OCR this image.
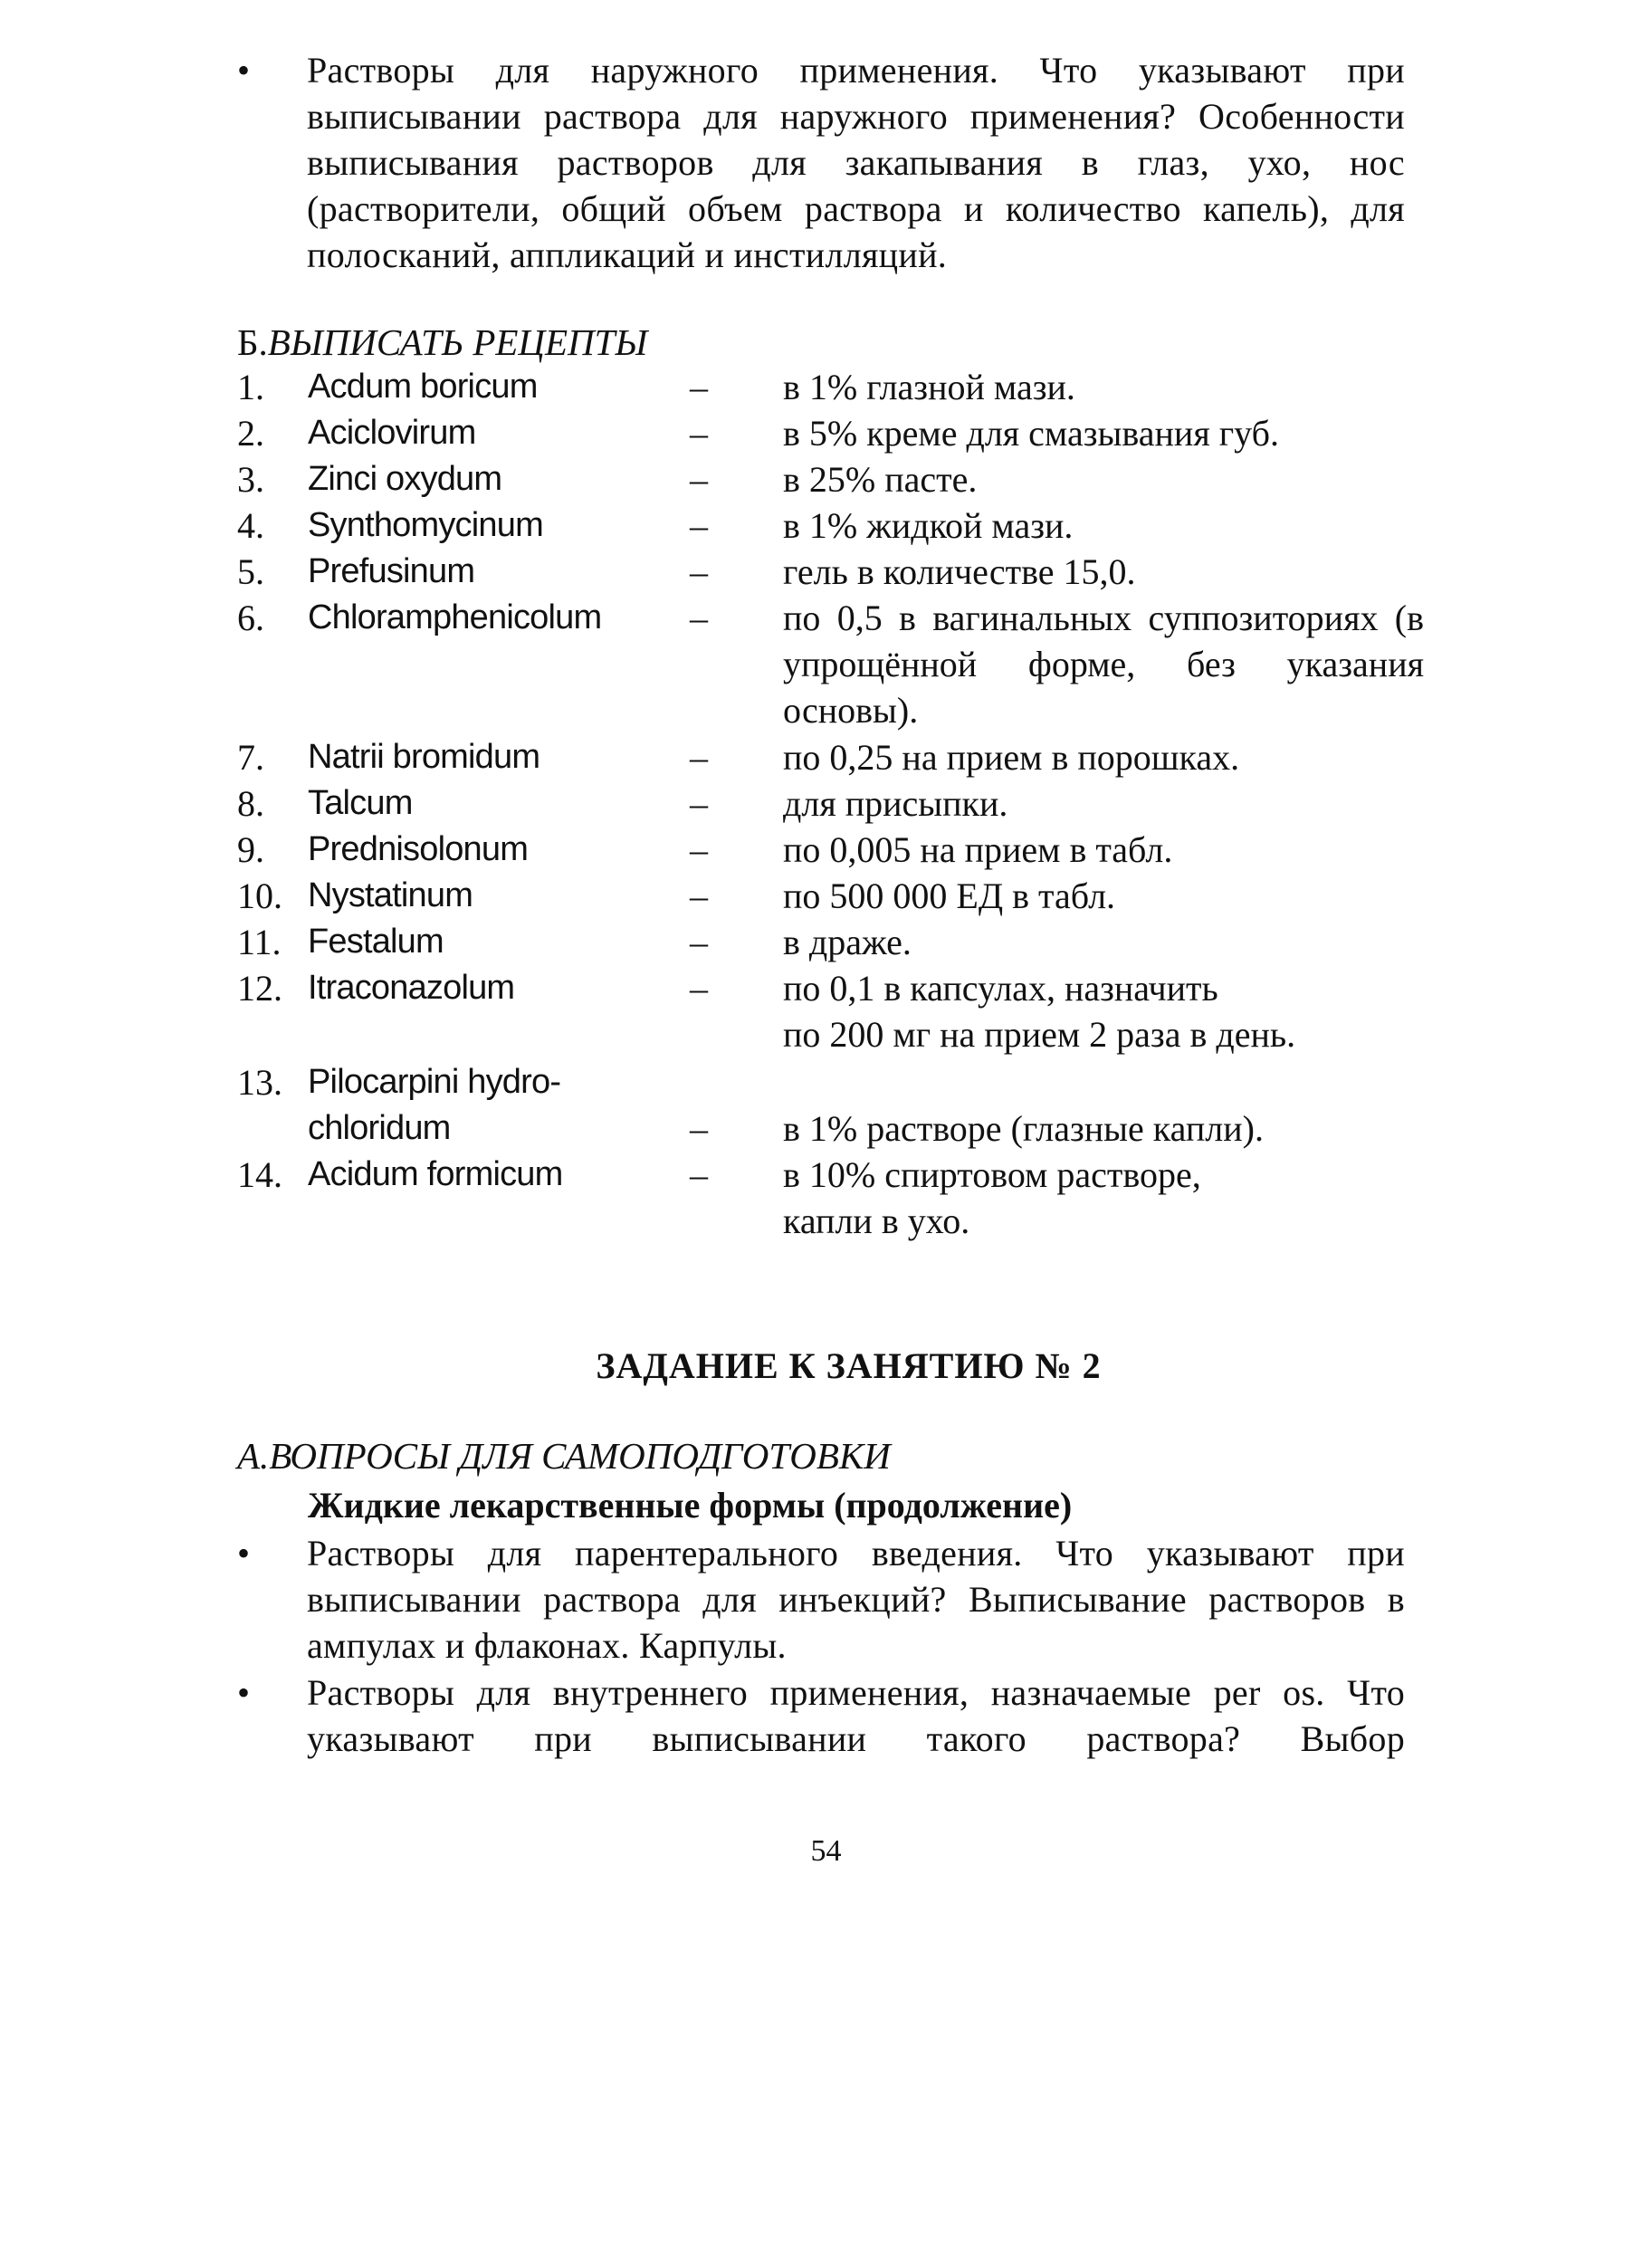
•	Растворы для наружного применения. Что указывают при выписывании раствора для наружного применения? Особенности выписывания растворов для закапывания в глаз, ухо, нос (растворители, общий объем раствора и количество капель), для полосканий, аппликаций и инстилляций.
Б.ВЫПИСАТЬ РЕЦЕПТЫ
1. Acdum boricum	– в 1% глазной мази.
2. Aciclovirum	– в 5% креме для смазывания губ.
3. Zinci oxydum	– в 25% пасте.
4. Synthomycinum	– в 1% жидкой мази.
5. Prefusinum	– гель в количестве 15,0.
6. Chloramphenicolum	– по 0,5 в вагинальных суппозиториях (в упрощённой форме, без указания основы).
7. Natrii bromidum	– по 0,25 на прием в порошках.
8. Talcum	– для присыпки.
9. Prednisolonum	– по 0,005 на прием в табл.
10. Nystatinum	– по 500 000 ЕД в табл.
11. Festalum	– в драже.
12. Itraconazolum	– по 0,1 в капсулах, назначить
по 200 мг на прием 2 раза в день.
13. Pilocarpini hydro-
chloridum	– в 1% растворе (глазные капли).
14. Acidum formicum	– в 10% спиртовом растворе,
капли в ухо.
ЗАДАНИЕ К ЗАНЯТИЮ № 2
А.ВОПРОСЫ ДЛЯ САМОПОДГОТОВКИ
Жидкие лекарственные формы (продолжение)
•	Растворы для парентерального введения. Что указывают при выписывании раствора для инъекций? Выписывание растворов в ампулах и флаконах. Карпулы.
•	Растворы для внутреннего применения, назначаемые per os. Что указывают при выписывании такого раствора? Выбор
54
